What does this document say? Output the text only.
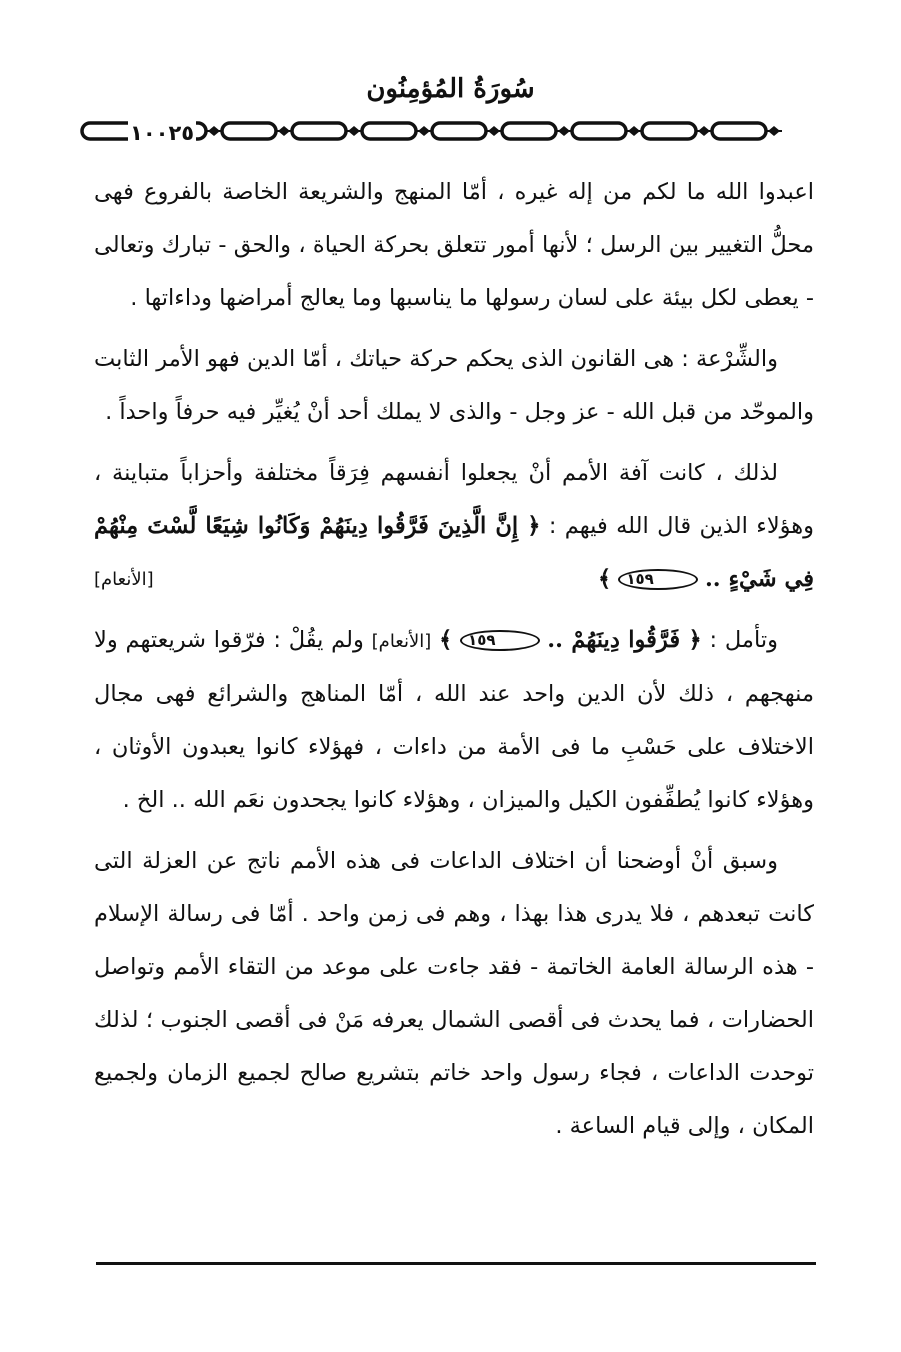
سُورَةُ المُؤمِنُون
١٠٠٢٥

اعبدوا الله ما لكم من إله غيره ، أمّا المنهج والشريعة الخاصة بالفروع فهى محلُّ التغيير بين الرسل ؛ لأنها أمور تتعلق بحركة الحياة ، والحق - تبارك وتعالى - يعطى لكل بيئة على لسان رسولها ما يناسبها وما يعالج أمراضها وداءاتها .

والشِّرْعة : هى القانون الذى يحكم حركة حياتك ، أمّا الدين فهو الأمر الثابت والموحّد من قبل الله - عز وجل - والذى لا يملك أحد أنْ يُغيِّر فيه حرفاً واحداً .

لذلك ، كانت آفة الأمم أنْ يجعلوا أنفسهم فِرَقاً مختلفة وأحزاباً متباينة ، وهؤلاء الذين قال الله فيهم : ﴿ إِنَّ الَّذِينَ فَرَّقُوا دِينَهُمْ وَكَانُوا شِيَعًا لَّسْتَ مِنْهُمْ فِي شَيْءٍ .. ١٥٩ ﴾
[الأنعام]

وتأمل : ﴿ فَرَّقُوا دِينَهُمْ .. ١٥٩ ﴾ [الأنعام] ولم يقُلْ : فرّقوا شريعتهم ولا منهجهم ، ذلك لأن الدين واحد عند الله ، أمّا المناهج والشرائع فهى مجال الاختلاف على حَسْبِ ما فى الأمة من داءات ، فهؤلاء كانوا يعبدون الأوثان ، وهؤلاء كانوا يُطفِّفون الكيل والميزان ، وهؤلاء كانوا يجحدون نعَم الله .. الخ .

وسبق أنْ أوضحنا أن اختلاف الداعات فى هذه الأمم ناتج عن العزلة التى كانت تبعدهم ، فلا يدرى هذا بهذا ، وهم فى زمن واحد . أمّا فى رسالة الإسلام - هذه الرسالة العامة الخاتمة - فقد جاءت على موعد من التقاء الأمم وتواصل الحضارات ، فما يحدث فى أقصى الشمال يعرفه مَنْ فى أقصى الجنوب ؛ لذلك توحدت الداعات ، فجاء رسول واحد خاتم بتشريع صالح لجميع الزمان ولجميع المكان ، وإلى قيام الساعة .
